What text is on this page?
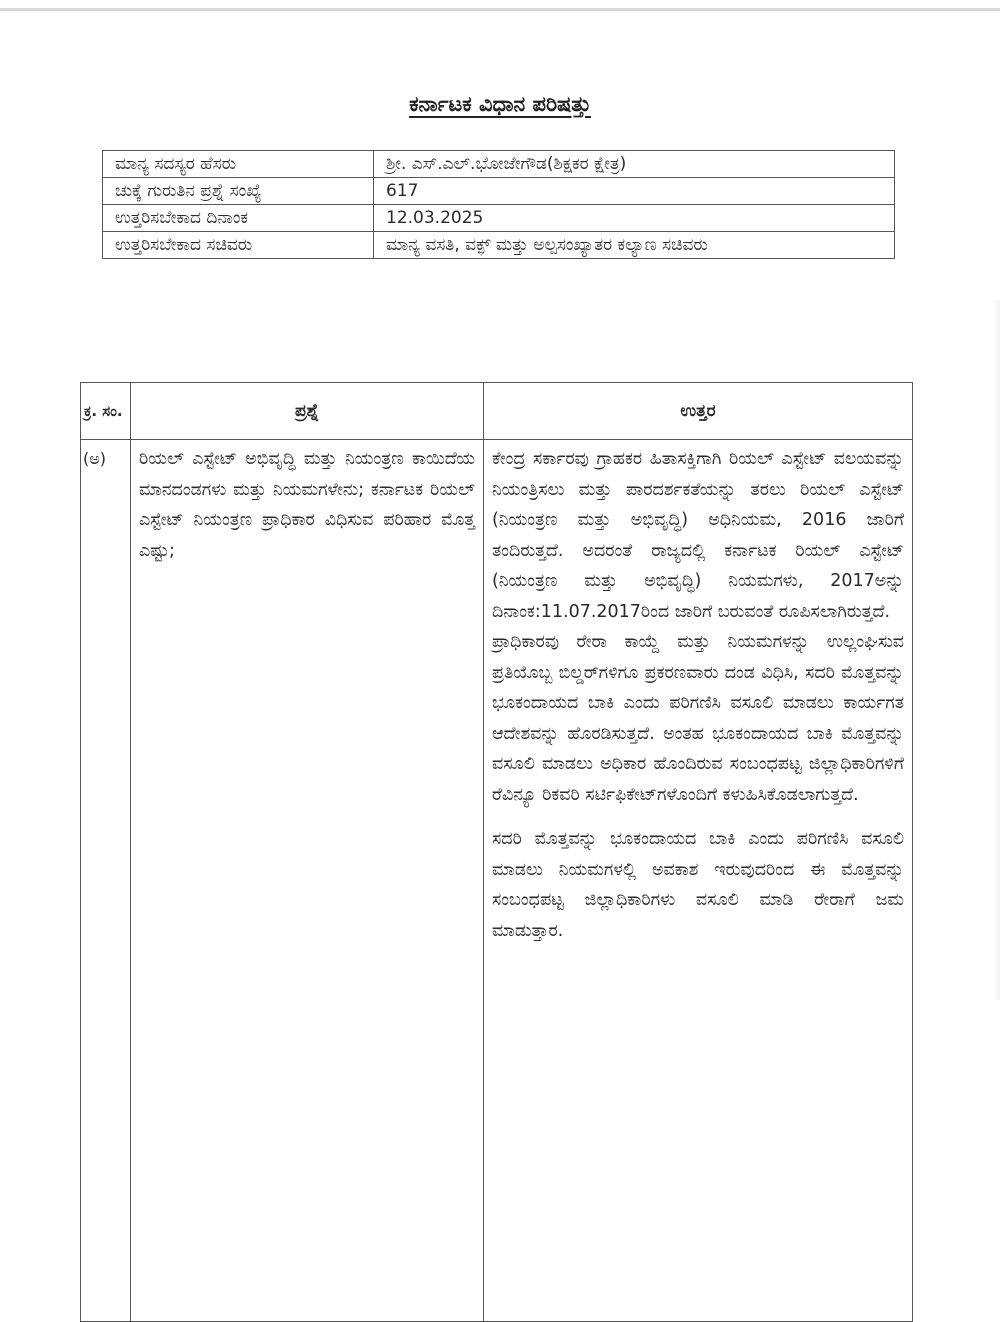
ಕರ್ನಾಟಕ ವಿಧಾನ ಪರಿಷತ್ತು
ಮಾನ್ಯ ಸದಸ್ಯರ ಹೆಸರು	ಶ್ರೀ. ಎಸ್.ಎಲ್.ಭೋಜೇಗೌಡ(ಶಿಕ್ಷಕರ ಕ್ಷೇತ್ರ)
ಚುಕ್ಕೆ ಗುರುತಿನ ಪ್ರಶ್ನೆ ಸಂಖ್ಯೆ	617
ಉತ್ತರಿಸಬೇಕಾದ ದಿನಾಂಕ	12.03.2025
ಉತ್ತರಿಸಬೇಕಾದ ಸಚಿವರು	ಮಾನ್ಯ ವಸತಿ, ವಕ್ಫ್ ಮತ್ತು ಅಲ್ಪಸಂಖ್ಯಾತರ ಕಲ್ಯಾಣ ಸಚಿವರು
ಕ್ರ. ಸಂ.	ಪ್ರಶ್ನೆ	ಉತ್ತರ
(ಅ)	ರಿಯಲ್ ಎಸ್ಟೇಟ್ ಅಭಿವೃದ್ಧಿ ಮತ್ತು ನಿಯಂತ್ರಣ ಕಾಯಿದೆಯ ಮಾನದಂಡಗಳು ಮತ್ತು ನಿಯಮಗಳೇನು; ಕರ್ನಾಟಕ ರಿಯಲ್ ಎಸ್ಟೇಟ್ ನಿಯಂತ್ರಣ ಪ್ರಾಧಿಕಾರ ವಿಧಿಸುವ ಪರಿಹಾರ ಮೊತ್ತ ಎಷ್ಟು;	ಕೇಂದ್ರ ಸರ್ಕಾರವು ಗ್ರಾಹಕರ ಹಿತಾಸಕ್ತಿಗಾಗಿ ರಿಯಲ್ ಎಸ್ಟೇಟ್ ವಲಯವನ್ನು ನಿಯಂತ್ರಿಸಲು ಮತ್ತು ಪಾರದರ್ಶಕತೆಯನ್ನು ತರಲು ರಿಯಲ್ ಎಸ್ಟೇಟ್ (ನಿಯಂತ್ರಣ ಮತ್ತು ಅಭಿವೃದ್ಧಿ) ಅಧಿನಿಯಮ, 2016 ಜಾರಿಗೆ ತಂದಿರುತ್ತದೆ. ಅದರಂತೆ ರಾಜ್ಯದಲ್ಲಿ ಕರ್ನಾಟಕ ರಿಯಲ್ ಎಸ್ಟೇಟ್ (ನಿಯಂತ್ರಣ ಮತ್ತು ಅಭಿವೃದ್ಧಿ) ನಿಯಮಗಳು, 2017ಅನ್ನು ದಿನಾಂಕ:11.07.2017ರಿಂದ ಜಾರಿಗೆ ಬರುವಂತೆ ರೂಪಿಸಲಾಗಿರುತ್ತದೆ.
ಪ್ರಾಧಿಕಾರವು ರೇರಾ ಕಾಯ್ದೆ ಮತ್ತು ನಿಯಮಗಳನ್ನು ಉಲ್ಲಂಘಿಸುವ ಪ್ರತಿಯೊಬ್ಬ ಬಿಲ್ಡರ್‌ಗಳಿಗೂ ಪ್ರಕರಣವಾರು ದಂಡ ವಿಧಿಸಿ, ಸದರಿ ಮೊತ್ತವನ್ನು ಭೂಕಂದಾಯದ ಬಾಕಿ ಎಂದು ಪರಿಗಣಿಸಿ ವಸೂಲಿ ಮಾಡಲು ಕಾರ್ಯಗತ ಆದೇಶವನ್ನು ಹೊರಡಿಸುತ್ತದೆ. ಅಂತಹ ಭೂಕಂದಾಯದ ಬಾಕಿ ಮೊತ್ತವನ್ನು ವಸೂಲಿ ಮಾಡಲು ಅಧಿಕಾರ ಹೊಂದಿರುವ ಸಂಬಂಧಪಟ್ಟ ಜಿಲ್ಲಾಧಿಕಾರಿಗಳಿಗೆ ರೆವಿನ್ಯೂ ರಿಕವರಿ ಸರ್ಟಿಫಿಕೇಟ್‌ಗಳೊಂದಿಗೆ ಕಳುಹಿಸಿಕೊಡಲಾಗುತ್ತದೆ.
ಸದರಿ ಮೊತ್ತವನ್ನು ಭೂಕಂದಾಯದ ಬಾಕಿ ಎಂದು ಪರಿಗಣಿಸಿ ವಸೂಲಿ ಮಾಡಲು ನಿಯಮಗಳಲ್ಲಿ ಅವಕಾಶ ಇರುವುದರಿಂದ ಈ ಮೊತ್ತವನ್ನು ಸಂಬಂಧಪಟ್ಟ ಜಿಲ್ಲಾಧಿಕಾರಿಗಳು ವಸೂಲಿ ಮಾಡಿ ರೇರಾಗೆ ಜಮ ಮಾಡುತ್ತಾರ.
